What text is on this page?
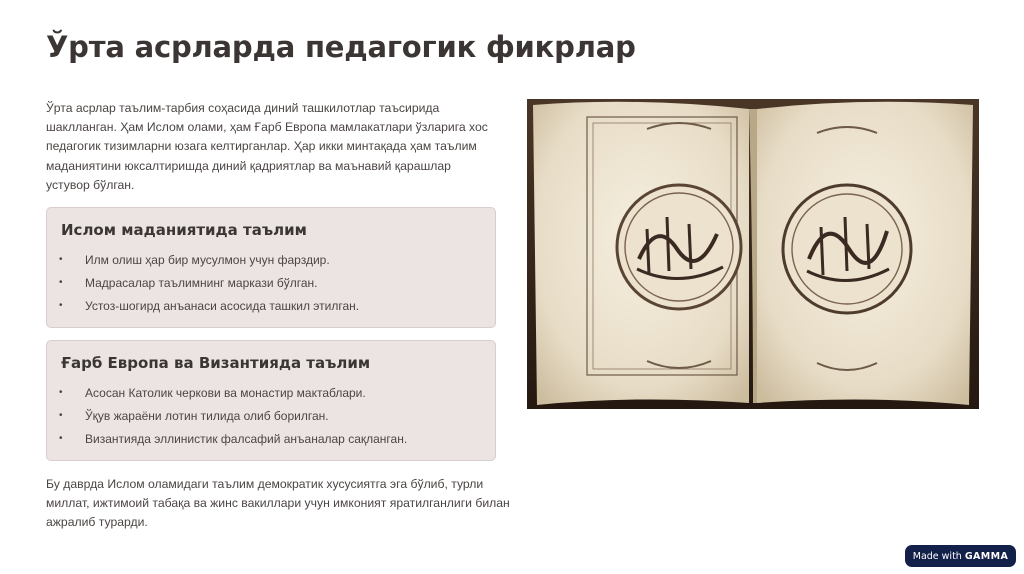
Ўрта асрларда педагогик фикрлар
Ўрта асрлар таълим-тарбия соҳасида диний ташкилотлар таъсирида шаклланган. Ҳам Ислом олами, ҳам Ғарб Европа мамлакатлари ўзларига хос педагогик тизимларни юзага келтирганлар. Ҳар икки минтақада ҳам таълим маданиятини юксалтиришда диний қадриятлар ва маънавий қарашлар устувор бўлган.
Ислом маданиятида таълим
•	Илм олиш ҳар бир мусулмон учун фарздир.
•	Мадрасалар таълимнинг маркази бўлган.
•	Устоз-шогирд анъанаси асосида ташкил этилган.
Ғарб Европа ва Византияда таълим
•	Асосан Католик черкови ва монастир мактаблари.
•	Ўқув жараёни лотин тилида олиб борилган.
•	Византияда эллинистик фалсафий анъаналар сақланган.
Бу даврда Ислом оламидаги таълим демократик хусусиятга эга бўлиб, турли миллат, ижтимоий табақа ва жинс вакиллари учун имконият яратилганлиги билан ажралиб турарди.
Made with GAMMA
